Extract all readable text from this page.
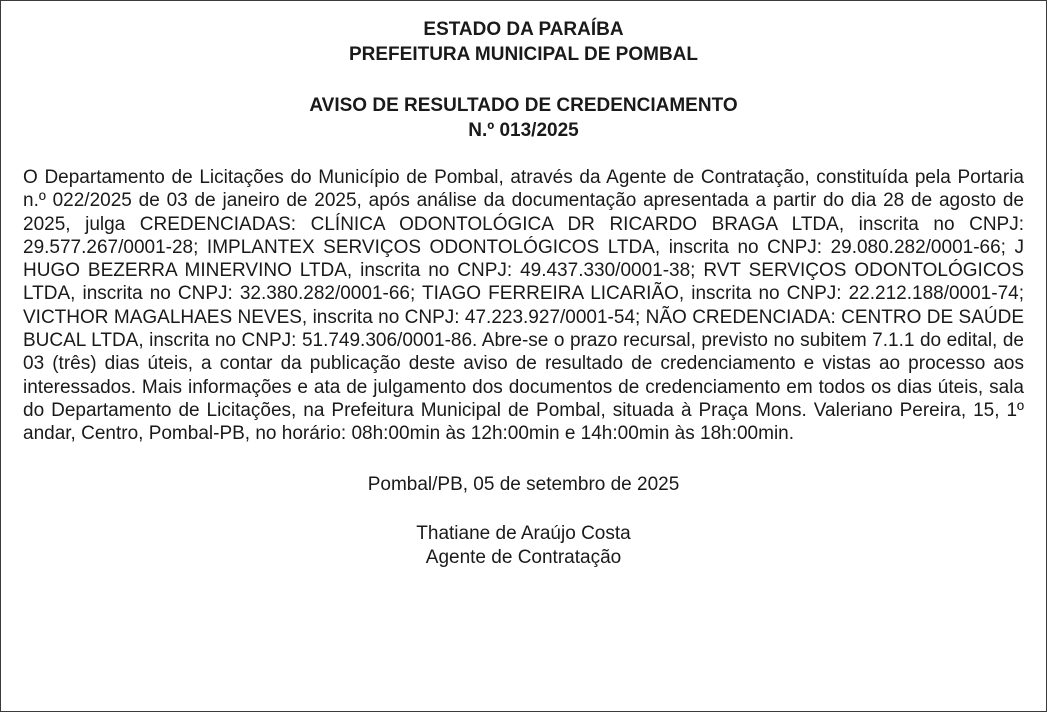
ESTADO DA PARAÍBA

PREFEITURA MUNICIPAL DE POMBAL

AVISO DE RESULTADO DE CREDENCIAMENTO

N.º 013/2025

O Departamento de Licitações do Município de Pombal, através da Agente de Contratação, constituída pela Portaria n.º 022/2025 de 03 de janeiro de 2025, após análise da documentação apresentada a partir do dia 28 de agosto de 2025, julga CREDENCIADAS: CLÍNICA ODONTOLÓGICA DR RICARDO BRAGA LTDA, inscrita no CNPJ: 29.577.267/0001-28; IMPLANTEX SERVIÇOS ODONTOLÓGICOS LTDA, inscrita no CNPJ: 29.080.282/0001-66; J HUGO BEZERRA MINERVINO LTDA, inscrita no CNPJ: 49.437.330/0001-38; RVT SERVIÇOS ODONTOLÓGICOS LTDA, inscrita no CNPJ: 32.380.282/0001-66; TIAGO FERREIRA LICARIÃO, inscrita no CNPJ: 22.212.188/0001-74; VICTHOR MAGALHAES NEVES, inscrita no CNPJ: 47.223.927/0001-54; NÃO CREDENCIADA: CENTRO DE SAÚDE BUCAL LTDA, inscrita no CNPJ: 51.749.306/0001-86. Abre-se o prazo recursal, previsto no subitem 7.1.1 do edital, de 03 (três) dias úteis, a contar da publicação deste aviso de resultado de credenciamento e vistas ao processo aos interessados. Mais informações e ata de julgamento dos documentos de credenciamento em todos os dias úteis, sala do Departamento de Licitações, na Prefeitura Municipal de Pombal, situada à Praça Mons. Valeriano Pereira, 15, 1º andar, Centro, Pombal-PB, no horário: 08h:00min às 12h:00min e 14h:00min às 18h:00min.

Pombal/PB, 05 de setembro de 2025

Thatiane de Araújo Costa
Agente de Contratação
